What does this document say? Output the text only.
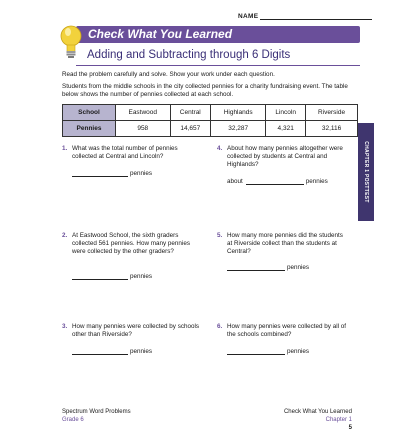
NAME
Check What You Learned
Adding and Subtracting through 6 Digits
Read the problem carefully and solve. Show your work under each question.
Students from the middle schools in the city collected pennies for a charity fundraising event. The table below shows the number of pennies collected at each school.
School	Eastwood	Central	Highlands	Lincoln	Riverside
Pennies	958	14,657	32,287	4,321	32,116
CHAPTER 1 POSTTEST
1. What was the total number of pennies collected at Central and Lincoln?
pennies
4. About how many pennies altogether were collected by students at Central and Highlands?
about	pennies
2. At Eastwood School, the sixth graders collected 561 pennies. How many pennies were collected by the other graders?
pennies
5. How many more pennies did the students at Riverside collect than the students at Central?
pennies
3. How many pennies were collected by schools other than Riverside?
pennies
6. How many pennies were collected by all of the schools combined?
pennies
Spectrum Word Problems
Grade 6
Check What You Learned
Chapter 1
5
